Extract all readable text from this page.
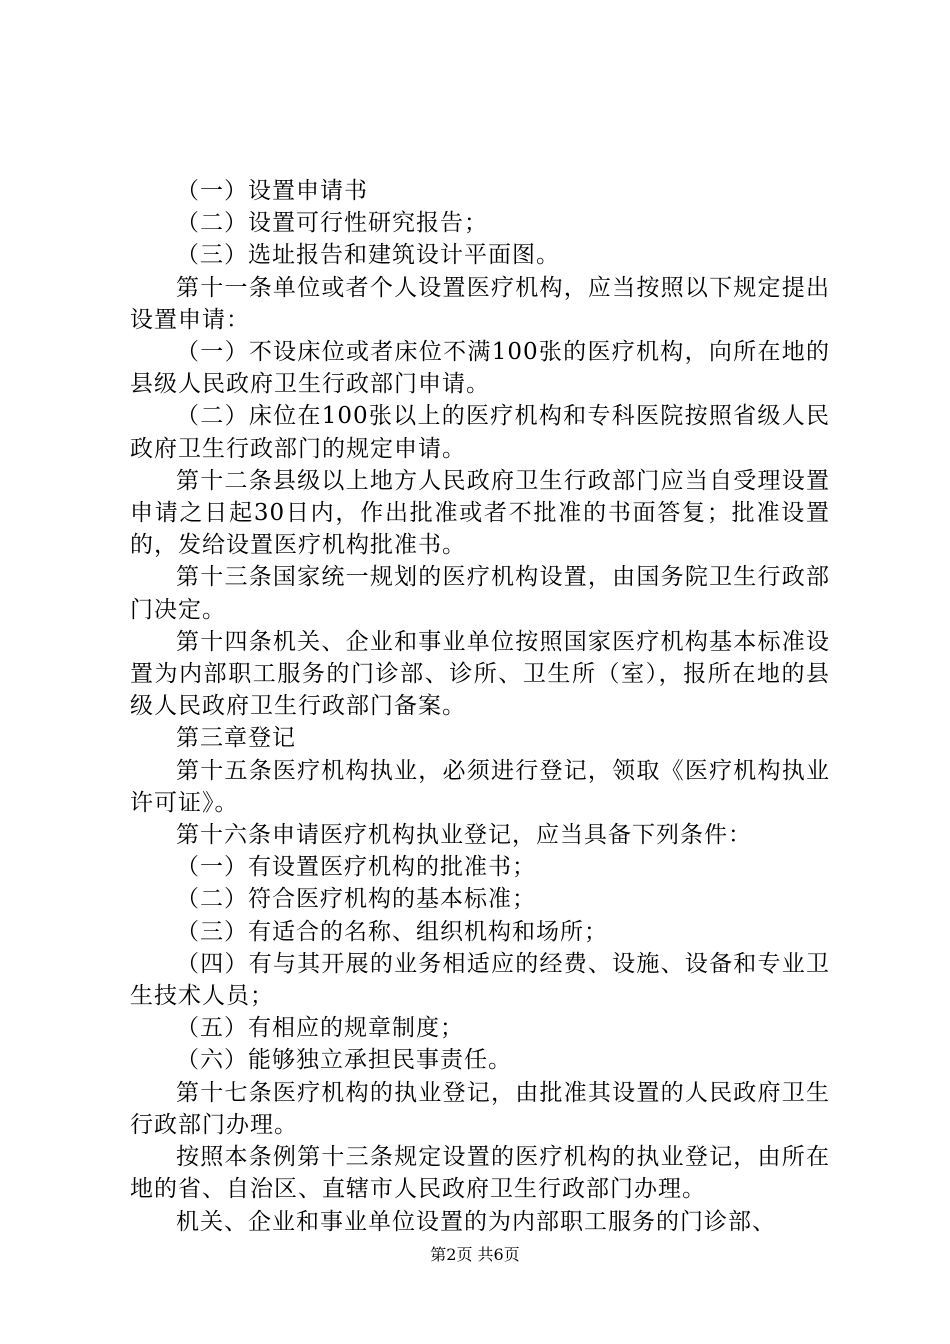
（一）设置申请书

（二）设置可行性研究报告；

（三）选址报告和建筑设计平面图。

第十一条单位或者个人设置医疗机构，应当按照以下规定提出设置申请：

（一）不设床位或者床位不满100张的医疗机构，向所在地的县级人民政府卫生行政部门申请。

（二）床位在100张以上的医疗机构和专科医院按照省级人民政府卫生行政部门的规定申请。

第十二条县级以上地方人民政府卫生行政部门应当自受理设置申请之日起30日内，作出批准或者不批准的书面答复；批准设置的，发给设置医疗机构批准书。

第十三条国家统一规划的医疗机构设置，由国务院卫生行政部门决定。

第十四条机关、企业和事业单位按照国家医疗机构基本标准设置为内部职工服务的门诊部、诊所、卫生所（室），报所在地的县级人民政府卫生行政部门备案。

第三章登记

第十五条医疗机构执业，必须进行登记，领取《医疗机构执业许可证》。

第十六条申请医疗机构执业登记，应当具备下列条件：

（一）有设置医疗机构的批准书；

（二）符合医疗机构的基本标准；

（三）有适合的名称、组织机构和场所；

（四）有与其开展的业务相适应的经费、设施、设备和专业卫生技术人员；

（五）有相应的规章制度；

（六）能够独立承担民事责任。

第十七条医疗机构的执业登记，由批准其设置的人民政府卫生行政部门办理。

按照本条例第十三条规定设置的医疗机构的执业登记，由所在地的省、自治区、直辖市人民政府卫生行政部门办理。

机关、企业和事业单位设置的为内部职工服务的门诊部、

第2页 共6页
